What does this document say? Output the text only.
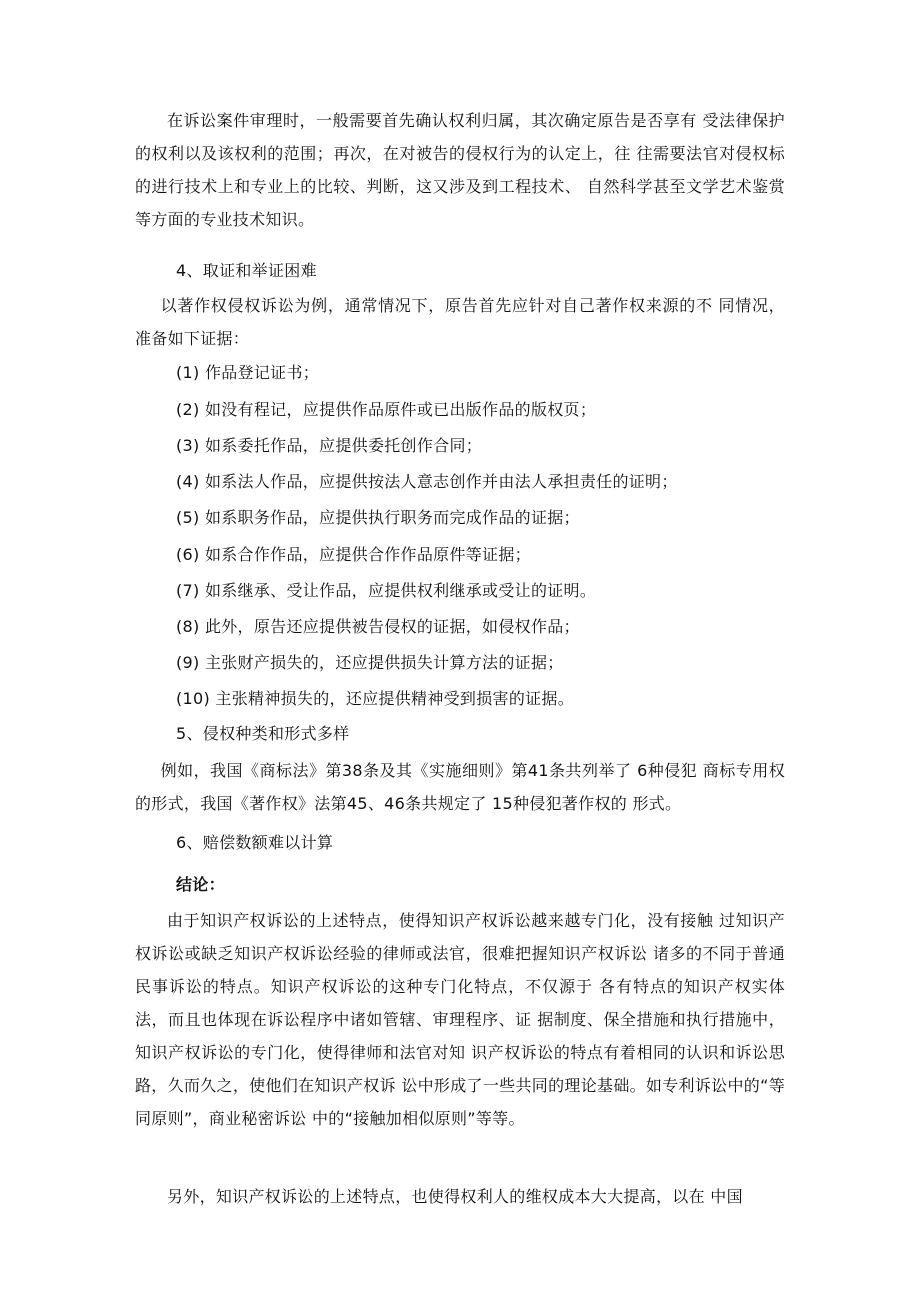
在诉讼案件审理时，一般需要首先确认权利归属，其次确定原告是否享有 受法律保护的权利以及该权利的范围；再次，在对被告的侵权行为的认定上，往 往需要法官对侵权标的进行技术上和专业上的比较、判断，这又涉及到工程技术、 自然科学甚至文学艺术鉴赏等方面的专业技术知识。

4、取证和举证困难

以著作权侵权诉讼为例，通常情况下，原告首先应针对自己著作权来源的不 同情况，准备如下证据：

(1) 作品登记证书；

(2) 如没有程记，应提供作品原件或已出版作品的版权页；

(3) 如系委托作品，应提供委托创作合同；

(4) 如系法人作品，应提供按法人意志创作并由法人承担责任的证明；

(5) 如系职务作品，应提供执行职务而完成作品的证据；

(6) 如系合作作品，应提供合作作品原件等证据；

(7) 如系继承、受让作品，应提供权利继承或受让的证明。

(8) 此外，原告还应提供被告侵权的证据，如侵权作品；

(9) 主张财产损失的，还应提供损失计算方法的证据；

(10) 主张精神损失的，还应提供精神受到损害的证据。

5、侵权种类和形式多样

例如，我国《商标法》第38条及其《实施细则》第41条共列举了 6种侵犯 商标专用权的形式，我国《著作权》法第45、46条共规定了 15种侵犯著作权的 形式。

6、赔偿数额难以计算

结论：

由于知识产权诉讼的上述特点，使得知识产权诉讼越来越专门化，没有接触 过知识产权诉讼或缺乏知识产权诉讼经验的律师或法官，很难把握知识产权诉讼 诸多的不同于普通民事诉讼的特点。知识产权诉讼的这种专门化特点，不仅源于 各有特点的知识产权实体法，而且也体现在诉讼程序中诸如管辖、审理程序、证 据制度、保全措施和执行措施中，知识产权诉讼的专门化，使得律师和法官对知 识产权诉讼的特点有着相同的认识和诉讼思路，久而久之，使他们在知识产权诉 讼中形成了一些共同的理论基础。如专利诉讼中的“等同原则”，商业秘密诉讼 中的“接触加相似原则”等等。

另外，知识产权诉讼的上述特点，也使得权利人的维权成本大大提高，以在 中国
